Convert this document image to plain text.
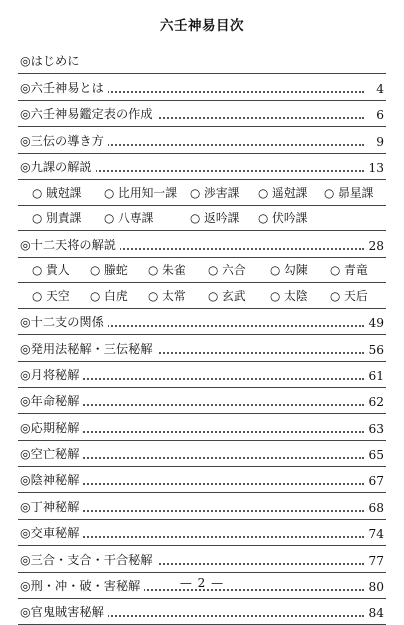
六壬神易目次
◎はじめに
◎六壬神易とは	4
◎六壬神易鑑定表の作成	6
◎三伝の導き方	9
◎九課の解説	13
○ 賊尅課 ○ 比用知一課 ○ 渉害課 ○ 遥尅課 ○ 昴星課
○ 別責課 ○ 八専課	○ 返吟課 ○ 伏吟課
◎十二天将の解説	28
○ 貴人 ○ 螣蛇 ○ 朱雀 ○ 六合 ○ 勾陳 ○ 青竜
○ 天空 ○ 白虎 ○ 太常 ○ 玄武 ○ 太陰 ○ 天后
◎十二支の関係	49
◎発用法秘解・三伝秘解	56
◎月将秘解	61
◎年命秘解	62
◎応期秘解	63
◎空亡秘解	65
◎陰神秘解	67
◎丁神秘解	68
◎交車秘解	74
◎三合・支合・干合秘解	77
◎刑・冲・破・害秘解	80
◎官鬼賊害秘解	84
— 2 —
